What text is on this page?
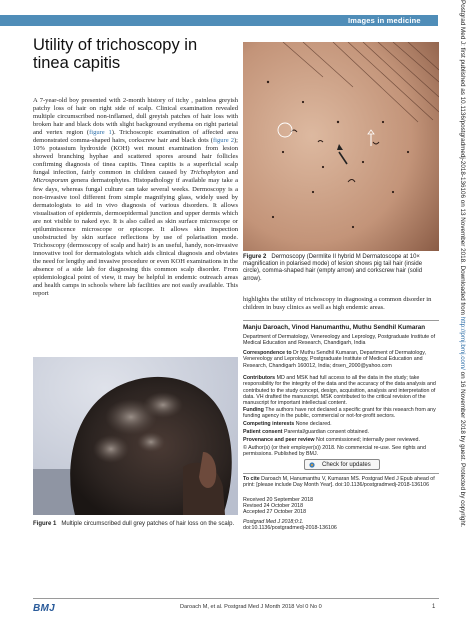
Images in medicine
Utility of trichoscopy in tinea capitis

A 7-year-old boy presented with 2-month history of itchy , painless greyish patchy loss of hair on right side of scalp. Clinical examination revealed multiple circumscribed non-inflamed, dull greyish patches of hair loss with broken hair and black dots with slight background erythema on right parietal and vertex region (figure 1). Trichoscopic examination of affected area demonstrated comma-shaped hairs, corkscrew hair and black dots (figure 2); 10% potassium hydroxide (KOH) wet mount examination from lesion showed branching hyphae and scattered spores around hair follicles confirming diagnosis of tinea capitis. Tinea capitis is a superficial scalp fungal infection, fairly common in children caused by Trichophyton and Microsporum genera dermatophytes. Histopathology if available may take a few days, whereas fungal culture can take several weeks. Dermoscopy is a non-invasive tool different from simple magnifying glass, widely used by dermatologists to aid in vivo diagnosis of various disorders. It allows visualisation of epidermis, dermoepidermal junction and upper dermis which are not visible to naked eye. It is also called as skin surface microscope or epiluminiscence microscope or episcope. It allows skin inspection unobstructed by skin surface reflections by use of polarisation mode. Trichoscopy (dermoscopy of scalp and hair) is an useful, handy, non-invasive innovative tool for dermatologists which aids clinical diagnosis and obviates the need for lengthy and invasive procedure or even KOH examinations in the absence of a side lab for diagnosing this common scalp disorder. From epidemiological point of view, it may be helpful in endemic outreach areas and health camps in schools where lab facilities are not easily available. This report

Figure 1 Multiple circumscribed dull grey patches of hair loss on the scalp.
Figure 2 Dermoscopy (Dermlite II hybrid M Dermatoscope at 10× magnification in polarised mode) of lesion shows pig tail hair (inside circle), comma-shaped hair (empty arrow) and corkscrew hair (solid arrow).

highlights the utility of trichoscopy in diagnosing a common disorder in children in busy clinics as well as high endemic areas.

Manju Daroach, Vinod Hanumanthu, Muthu Sendhil Kumaran
Department of Dermatology, Venereology and Leprology, Postgraduate Institute of Medical Education and Research, Chandigarh, India
Correspondence to Dr Muthu Sendhil Kumaran, Department of Dermatology, Venereology and Leprology, Postgraduate Institute of Medical Education and Research, Chandigarh 160012, India; drsen_2000@yahoo.com
Contributors MD and MSK had full access to all the data in the study; take responsibility for the integrity of the data and the accuracy of the data analysis and contributed to the study concept, design, acquisition, analysis and interpretation of data. VH drafted the manuscript. MSK contributed to the critical revision of the manuscript for important intellectual content.
Funding The authors have not declared a specific grant for this research from any funding agency in the public, commercial or not-for-profit sectors.
Competing interests None declared.
Patient consent Parental/guardian consent obtained.
Provenance and peer review Not commissioned; internally peer reviewed.
© Author(s) (or their employer(s)) 2018. No commercial re-use. See rights and permissions. Published by BMJ.
Check for updates
To cite Daroach M, Hanumanthu V, Kumaran MS. Postgrad Med J Epub ahead of print: [please include Day Month Year]. doi:10.1136/postgradmedj-2018-136106
Received 20 September 2018
Revised 24 October 2018
Accepted 27 October 2018
Postgrad Med J 2018;0:1.
doi:10.1136/postgradmedj-2018-136106
BMJ	Daroach M, et al. Postgrad Med J Month 2018 Vol 0 No 0	1
Postgrad Med J: first published as 10.1136/postgradmedj-2018-136106 on 13 November 2018. Downloaded from http://pmj.bmj.com/ on 16 November 2018 by guest. Protected by copyright.
